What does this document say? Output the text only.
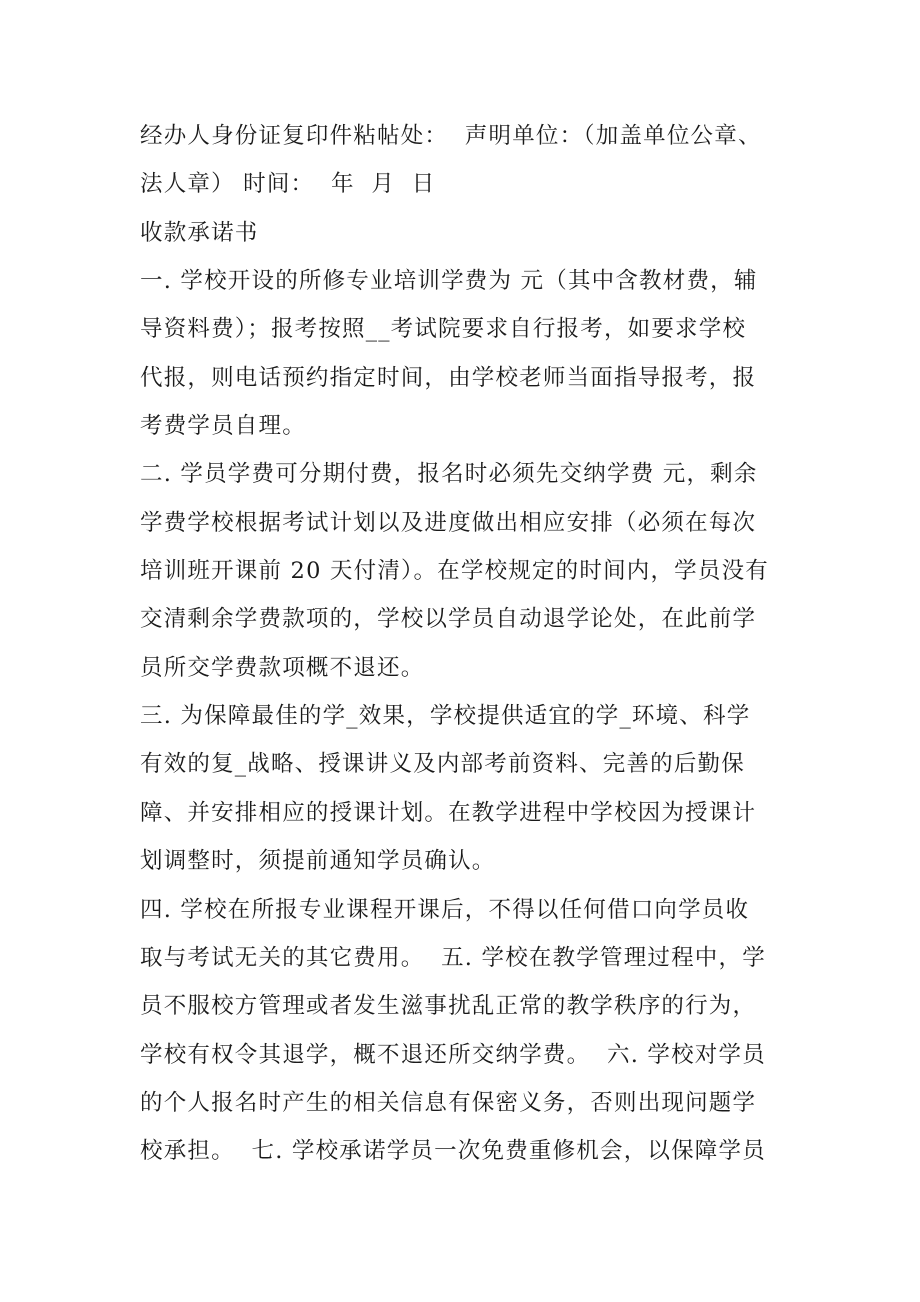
经办人身份证复印件粘帖处：  声明单位：（加盖单位公章、
法人章） 时间：  年  月  日
收款承诺书
一. 学校开设的所修专业培训学费为 元（其中含教材费，辅
导资料费）；报考按照__考试院要求自行报考，如要求学校
代报，则电话预约指定时间，由学校老师当面指导报考，报
考费学员自理。
二. 学员学费可分期付费，报名时必须先交纳学费 元，剩余
学费学校根据考试计划以及进度做出相应安排（必须在每次
培训班开课前 20 天付清）。在学校规定的时间内，学员没有
交清剩余学费款项的，学校以学员自动退学论处，在此前学
员所交学费款项概不退还。
三. 为保障最佳的学_效果，学校提供适宜的学_环境、科学
有效的复_战略、授课讲义及内部考前资料、完善的后勤保
障、并安排相应的授课计划。在教学进程中学校因为授课计
划调整时，须提前通知学员确认。
四. 学校在所报专业课程开课后，不得以任何借口向学员收
取与考试无关的其它费用。  五. 学校在教学管理过程中，学
员不服校方管理或者发生滋事扰乱正常的教学秩序的行为，
学校有权令其退学，概不退还所交纳学费。  六. 学校对学员
的个人报名时产生的相关信息有保密义务，否则出现问题学
校承担。  七. 学校承诺学员一次免费重修机会，以保障学员
